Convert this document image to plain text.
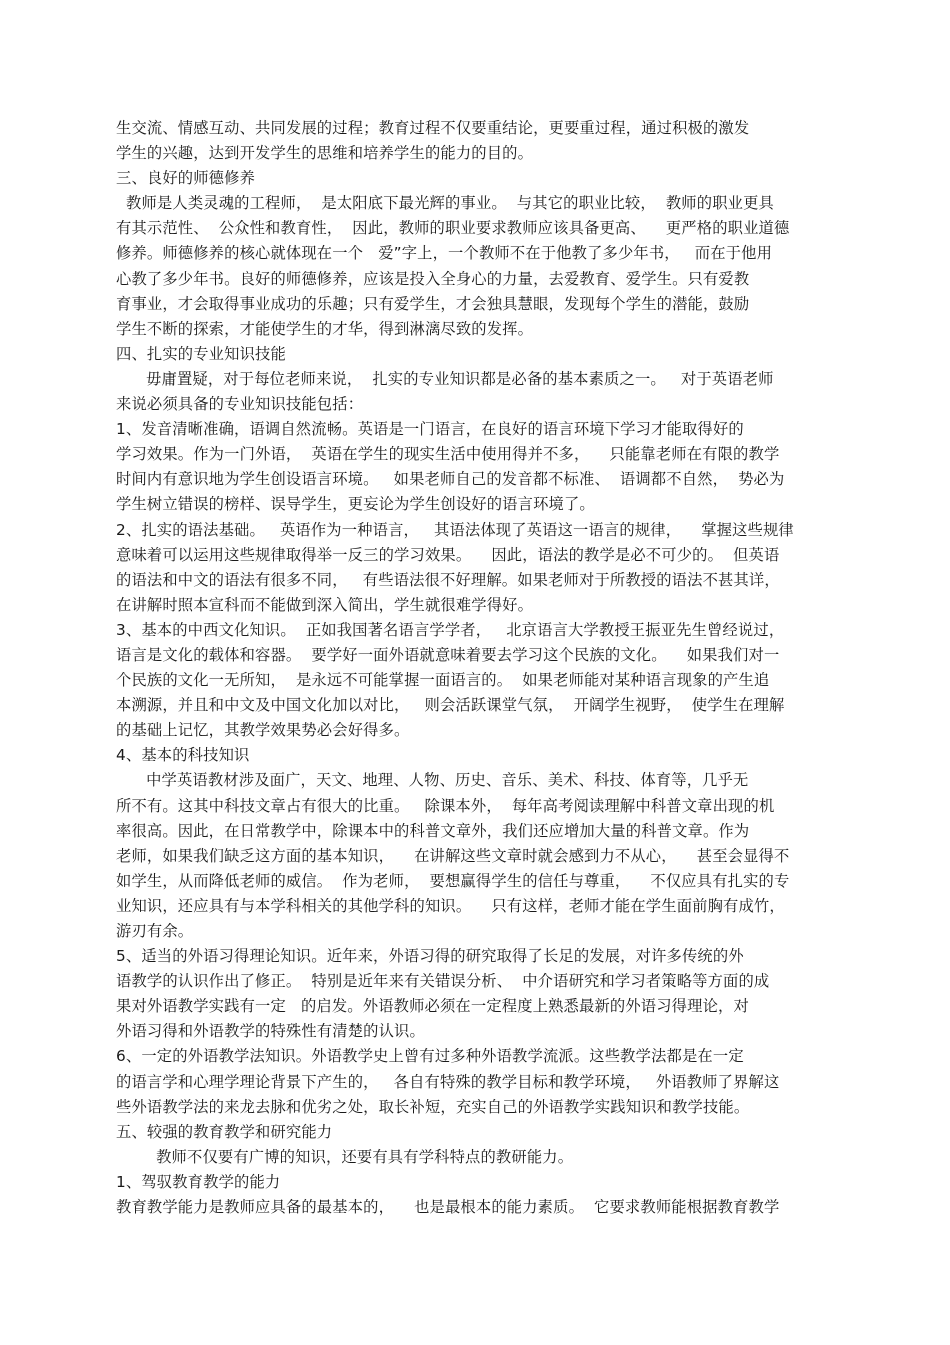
生交流、情感互动、共同发展的过程；教育过程不仅要重结论，更要重过程，通过积极的激发
学生的兴趣，达到开发学生的思维和培养学生的能力的目的。
三、良好的师德修养
教师是人类灵魂的工程师，  是太阳底下最光辉的事业。  与其它的职业比较，  教师的职业更具
有其示范性、  公众性和教育性，  因此，教师的职业要求教师应该具备更高、    更严格的职业道德
修养。师德修养的核心就体现在一个   爱”字上，一个教师不在于他教了多少年书，   而在于他用
心教了多少年书。良好的师德修养，应该是投入全身心的力量，去爱教育、爱学生。只有爱教
育事业，才会取得事业成功的乐趣；只有爱学生，才会独具慧眼，发现每个学生的潜能，鼓励
学生不断的探索，才能使学生的才华，得到淋漓尽致的发挥。
四、扎实的专业知识技能
毋庸置疑，对于每位老师来说，  扎实的专业知识都是必备的基本素质之一。   对于英语老师
来说必须具备的专业知识技能包括：
1、发音清晰准确，语调自然流畅。英语是一门语言，在良好的语言环境下学习才能取得好的
学习效果。作为一门外语，  英语在学生的现实生活中使用得并不多，    只能靠老师在有限的教学
时间内有意识地为学生创设语言环境。   如果老师自己的发音都不标准、  语调都不自然，  势必为
学生树立错误的榜样、误导学生，更妄论为学生创设好的语言环境了。
2、扎实的语法基础。   英语作为一种语言，   其语法体现了英语这一语言的规律，    掌握这些规律
意味着可以运用这些规律取得举一反三的学习效果。    因此，语法的教学是必不可少的。  但英语
的语法和中文的语法有很多不同，   有些语法很不好理解。如果老师对于所教授的语法不甚其详，
在讲解时照本宣科而不能做到深入简出，学生就很难学得好。
3、基本的中西文化知识。  正如我国著名语言学学者，   北京语言大学教授王振亚先生曾经说过，
语言是文化的载体和容器。  要学好一面外语就意味着要去学习这个民族的文化。    如果我们对一
个民族的文化一无所知，  是永远不可能掌握一面语言的。  如果老师能对某种语言现象的产生追
本溯源，并且和中文及中国文化加以对比，   则会活跃课堂气氛，  开阔学生视野，  使学生在理解
的基础上记忆，其教学效果势必会好得多。
4、基本的科技知识
中学英语教材涉及面广，天文、地理、人物、历史、音乐、美术、科技、体育等，几乎无
所不有。这其中科技文章占有很大的比重。   除课本外，  每年高考阅读理解中科普文章出现的机
率很高。因此，在日常教学中，除课本中的科普文章外，我们还应增加大量的科普文章。作为
老师，如果我们缺乏这方面的基本知识，    在讲解这些文章时就会感到力不从心，    甚至会显得不
如学生，从而降低老师的威信。  作为老师，  要想赢得学生的信任与尊重，    不仅应具有扎实的专
业知识，还应具有与本学科相关的其他学科的知识。    只有这样，老师才能在学生面前胸有成竹，
游刃有余。
5、适当的外语习得理论知识。近年来，外语习得的研究取得了长足的发展，对许多传统的外
语教学的认识作出了修正。  特别是近年来有关错误分析、  中介语研究和学习者策略等方面的成
果对外语教学实践有一定   的启发。外语教师必须在一定程度上熟悉最新的外语习得理论，对
外语习得和外语教学的特殊性有清楚的认识。
6、一定的外语教学法知识。外语教学史上曾有过多种外语教学流派。这些教学法都是在一定
的语言学和心理学理论背景下产生的，   各自有特殊的教学目标和教学环境，   外语教师了界解这
些外语教学法的来龙去脉和优劣之处，取长补短，充实自己的外语教学实践知识和教学技能。
五、较强的教育教学和研究能力
教师不仅要有广博的知识，还要有具有学科特点的教研能力。
1、驾驭教育教学的能力
教育教学能力是教师应具备的最基本的，    也是最根本的能力素质。  它要求教师能根据教育教学
